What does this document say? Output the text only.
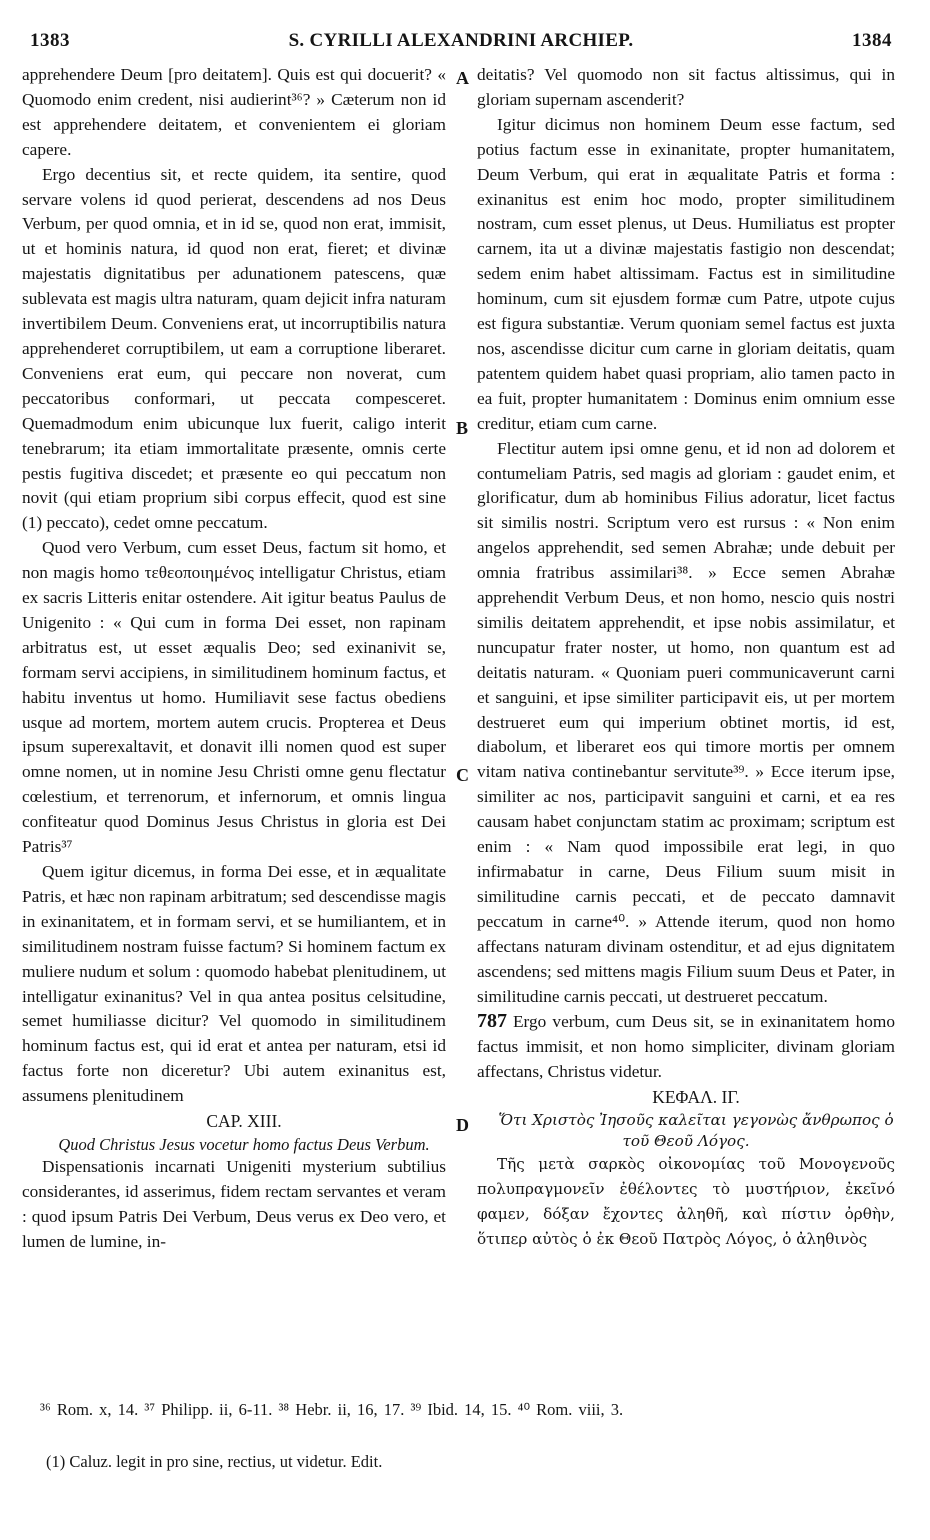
1383	S. CYRILLI ALEXANDRINI ARCHIEP.	1384

apprehendere Deum [pro deitatem]. Quis est qui docuerit? « Quomodo enim credent, nisi audierint³⁶? » Cæterum non id est apprehendere deitatem, et convenientem ei gloriam capere.

Ergo decentius sit, et recte quidem, ita sentire, quod servare volens id quod perierat, descendens ad nos Deus Verbum, per quod omnia, et in id se, quod non erat, immisit, ut et hominis natura, id quod non erat, fieret; et divinæ majestatis dignitatibus per adunationem patescens, quæ sublevata est magis ultra naturam, quam dejicit infra naturam invertibilem Deum. Conveniens erat, ut incorruptibilis natura apprehenderet corruptibilem, ut eam a corruptione liberaret. Conveniens erat eum, qui peccare non noverat, cum peccatoribus conformari, ut peccata compesceret. Quemadmodum enim ubicunque lux fuerit, caligo interit tenebrarum; ita etiam immortalitate præsente, omnis certe pestis fugitiva discedet; et præsente eo qui peccatum non novit (qui etiam proprium sibi corpus effecit, quod est sine (1) peccato), cedet omne peccatum.

Quod vero Verbum, cum esset Deus, factum sit homo, et non magis homo τεθεοποιημένος intelligatur Christus, etiam ex sacris Litteris enitar ostendere. Ait igitur beatus Paulus de Unigenito : « Qui cum in forma Dei esset, non rapinam arbitratus est, ut esset æqualis Deo; sed exinanivit se, formam servi accipiens, in similitudinem hominum factus, et habitu inventus ut homo. Humiliavit sese factus obediens usque ad mortem, mortem autem crucis. Propterea et Deus ipsum superexaltavit, et donavit illi nomen quod est super omne nomen, ut in nomine Jesu Christi omne genu flectatur cœlestium, et terrenorum, et infernorum, et omnis lingua confiteatur quod Dominus Jesus Christus in gloria est Dei Patris³⁷

Quem igitur dicemus, in forma Dei esse, et in æqualitate Patris, et hæc non rapinam arbitratum; sed descendisse magis in exinanitatem, et in formam servi, et se humiliantem, et in similitudinem nostram fuisse factum? Si hominem factum ex muliere nudum et solum : quomodo habebat plenitudinem, ut intelligatur exinanitus? Vel in qua antea positus celsitudine, semet humiliasse dicitur? Vel quomodo in similitudinem hominum factus est, qui id erat et antea per naturam, etsi id factus forte non diceretur? Ubi autem exinanitus est, assumens plenitudinem

CAP. XIII.

Quod Christus Jesus vocetur homo factus Deus Verbum.

Dispensationis incarnati Unigeniti mysterium subtilius considerantes, id asserimus, fidem rectam servantes et veram : quod ipsum Patris Dei Verbum, Deus verus ex Deo vero, et lumen de lumine, in-

A
B
C
D

deitatis? Vel quomodo non sit factus altissimus, qui in gloriam supernam ascenderit?

Igitur dicimus non hominem Deum esse factum, sed potius factum esse in exinanitate, propter humanitatem, Deum Verbum, qui erat in æqualitate Patris et forma : exinanitus est enim hoc modo, propter similitudinem nostram, cum esset plenus, ut Deus. Humiliatus est propter carnem, ita ut a divinæ majestatis fastigio non descendat; sedem enim habet altissimam. Factus est in similitudine hominum, cum sit ejusdem formæ cum Patre, utpote cujus est figura substantiæ. Verum quoniam semel factus est juxta nos, ascendisse dicitur cum carne in gloriam deitatis, quam patentem quidem habet quasi propriam, alio tamen pacto in ea fuit, propter humanitatem : Dominus enim omnium esse creditur, etiam cum carne.

Flectitur autem ipsi omne genu, et id non ad dolorem et contumeliam Patris, sed magis ad gloriam : gaudet enim, et glorificatur, dum ab hominibus Filius adoratur, licet factus sit similis nostri. Scriptum vero est rursus : « Non enim angelos apprehendit, sed semen Abrahæ; unde debuit per omnia fratribus assimilari³⁸. » Ecce semen Abrahæ apprehendit Verbum Deus, et non homo, nescio quis nostri similis deitatem apprehendit, et ipse nobis assimilatur, et nuncupatur frater noster, ut homo, non quantum est ad deitatis naturam. « Quoniam pueri communicaverunt carni et sanguini, et ipse similiter participavit eis, ut per mortem destrueret eum qui imperium obtinet mortis, id est, diabolum, et liberaret eos qui timore mortis per omnem vitam nativa continebantur servitute³⁹. » Ecce iterum ipse, similiter ac nos, participavit sanguini et carni, et ea res causam habet conjunctam statim ac proximam; scriptum est enim : « Nam quod impossibile erat legi, in quo infirmabatur in carne, Deus Filium suum misit in similitudine carnis peccati, et de peccato damnavit peccatum in carne⁴⁰. » Attende iterum, quod non homo affectans naturam divinam ostenditur, et ad ejus dignitatem ascendens; sed mittens magis Filium suum Deus et Pater, in similitudine carnis peccati, ut destrueret peccatum.

787 Ergo verbum, cum Deus sit, se in exinanitatem homo factus immisit, et non homo simpliciter, divinam gloriam affectans, Christus videtur.

ΚΕΦΑΛ. ΙΓ.

Ὅτι Χριστὸς Ἰησοῦς καλεῖται γεγονὼς ἄνθρωπος ὁ τοῦ Θεοῦ Λόγος.

Τῆς μετὰ σαρκὸς οἰκονομίας τοῦ Μονογενοῦς πολυπραγμονεῖν ἐθέλοντες τὸ μυστήριον, ἐκεῖνό φαμεν, δόξαν ἔχοντες ἀληθῆ, καὶ πίστιν ὀρθὴν, ὅτιπερ αὐτὸς ὁ ἐκ Θεοῦ Πατρὸς Λόγος, ὁ ἀληθινὸς

³⁶ Rom. x, 14. ³⁷ Philipp. ii, 6-11. ³⁸ Hebr. ii, 16, 17. ³⁹ Ibid. 14, 15. ⁴⁰ Rom. viii, 3.
(1) Caluz. legit in pro sine, rectius, ut videtur. Edit.
